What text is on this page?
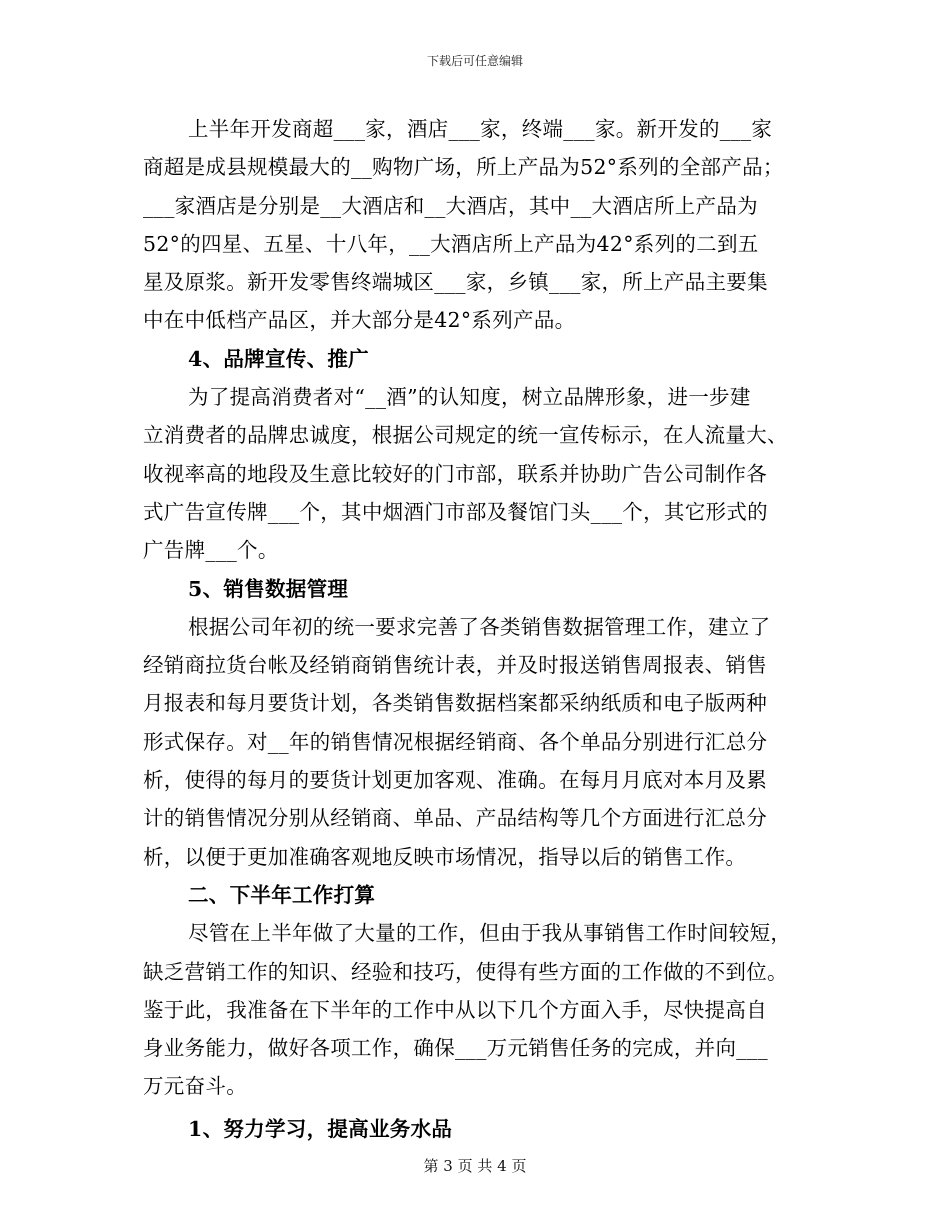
下载后可任意编辑
上半年开发商超___家，酒店___家，终端___家。新开发的___家
商超是成县规模最大的__购物广场，所上产品为52°系列的全部产品；
___家酒店是分别是__大酒店和__大酒店，其中__大酒店所上产品为
52°的四星、五星、十八年，__大酒店所上产品为42°系列的二到五
星及原浆。新开发零售终端城区___家，乡镇___家，所上产品主要集
中在中低档产品区，并大部分是42°系列产品。
4、品牌宣传、推广
为了提高消费者对“__酒”的认知度，树立品牌形象，进一步建
立消费者的品牌忠诚度，根据公司规定的统一宣传标示，在人流量大、
收视率高的地段及生意比较好的门市部，联系并协助广告公司制作各
式广告宣传牌___个，其中烟酒门市部及餐馆门头___个，其它形式的
广告牌___个。
5、销售数据管理
根据公司年初的统一要求完善了各类销售数据管理工作，建立了
经销商拉货台帐及经销商销售统计表，并及时报送销售周报表、销售
月报表和每月要货计划，各类销售数据档案都采纳纸质和电子版两种
形式保存。对__年的销售情况根据经销商、各个单品分别进行汇总分
析，使得的每月的要货计划更加客观、准确。在每月月底对本月及累
计的销售情况分别从经销商、单品、产品结构等几个方面进行汇总分
析，以便于更加准确客观地反映市场情况，指导以后的销售工作。
二、下半年工作打算
尽管在上半年做了大量的工作，但由于我从事销售工作时间较短，
缺乏营销工作的知识、经验和技巧，使得有些方面的工作做的不到位。
鉴于此，我准备在下半年的工作中从以下几个方面入手，尽快提高自
身业务能力，做好各项工作，确保___万元销售任务的完成，并向___
万元奋斗。
1、努力学习，提高业务水品
第 3 页 共 4 页
